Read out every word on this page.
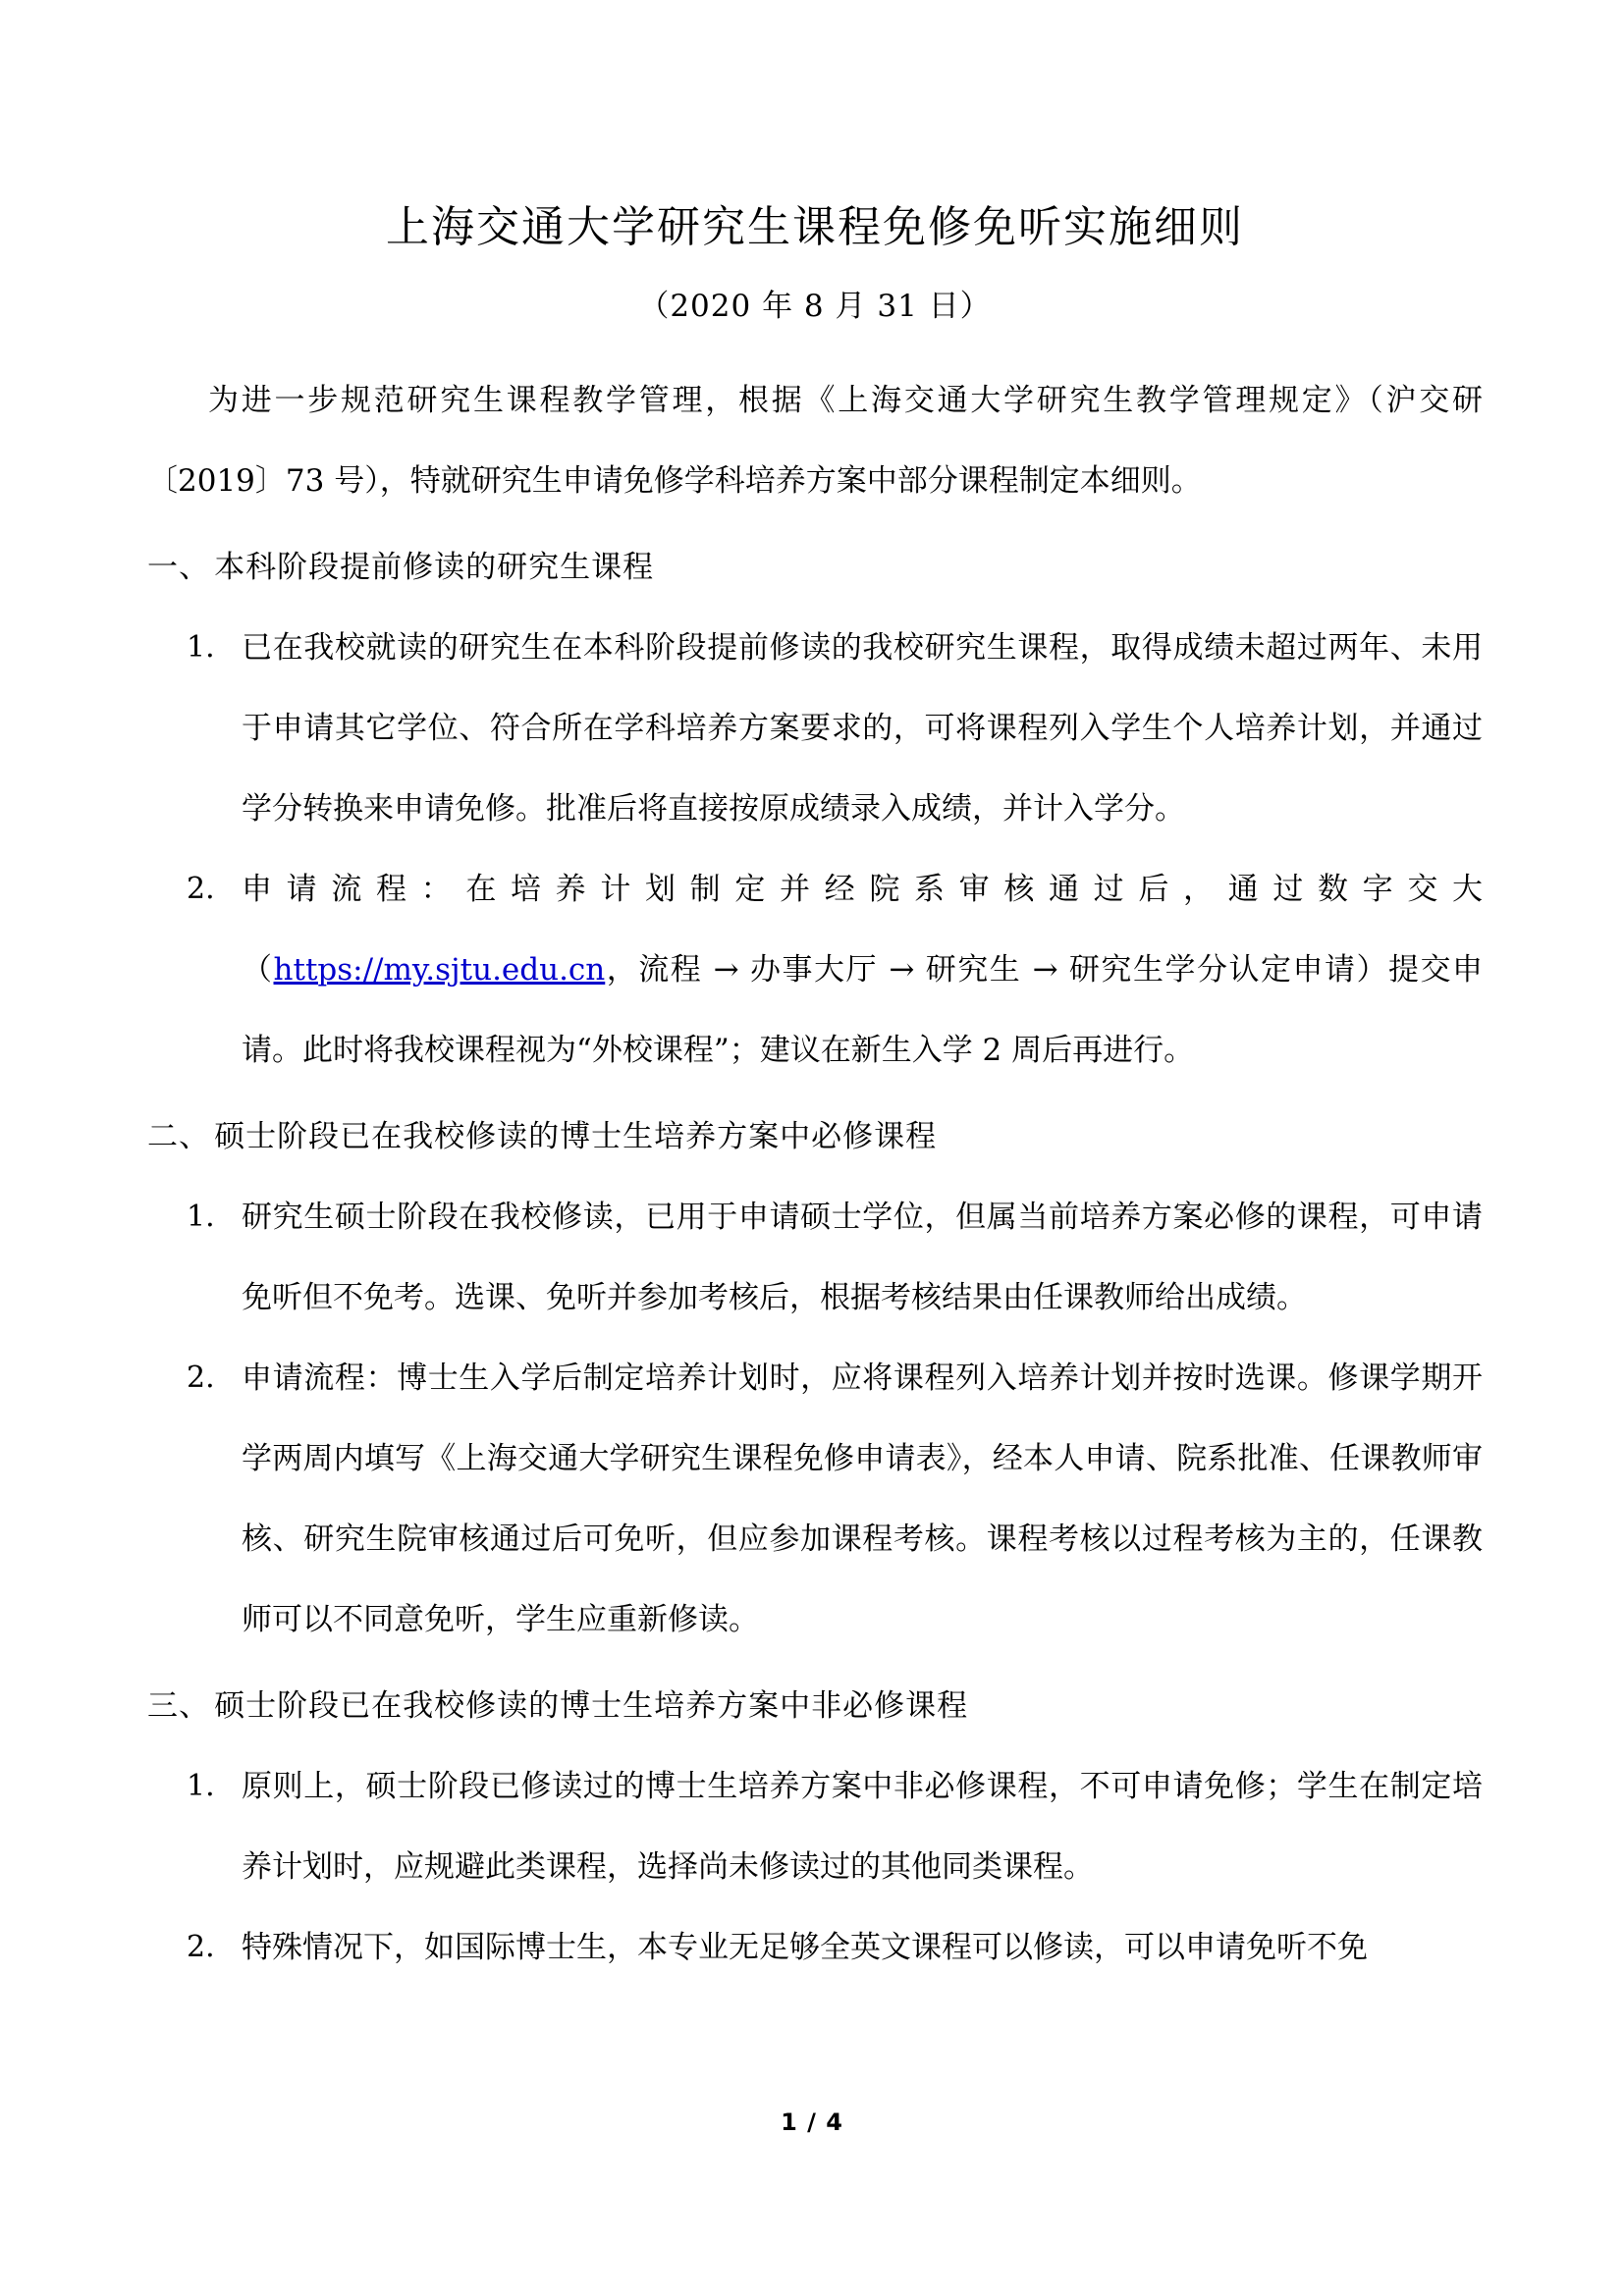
上海交通大学研究生课程免修免听实施细则

（2020 年 8 月 31 日）

为进一步规范研究生课程教学管理，根据《上海交通大学研究生教学管理规定》（沪交研〔2019〕73 号），特就研究生申请免修学科培养方案中部分课程制定本细则。

一、 本科阶段提前修读的研究生课程
1. 已在我校就读的研究生在本科阶段提前修读的我校研究生课程，取得成绩未超过两年、未用于申请其它学位、符合所在学科培养方案要求的，可将课程列入学生个人培养计划，并通过学分转换来申请免修。批准后将直接按原成绩录入成绩，并计入学分。
2. 申请流程：在培养计划制定并经院系审核通过后，通过数字交大（https://my.sjtu.edu.cn，流程 → 办事大厅 → 研究生 → 研究生学分认定申请）提交申请。此时将我校课程视为“外校课程”；建议在新生入学 2 周后再进行。
二、 硕士阶段已在我校修读的博士生培养方案中必修课程
1. 研究生硕士阶段在我校修读，已用于申请硕士学位，但属当前培养方案必修的课程，可申请免听但不免考。选课、免听并参加考核后，根据考核结果由任课教师给出成绩。
2. 申请流程：博士生入学后制定培养计划时，应将课程列入培养计划并按时选课。修课学期开学两周内填写《上海交通大学研究生课程免修申请表》，经本人申请、院系批准、任课教师审核、研究生院审核通过后可免听，但应参加课程考核。课程考核以过程考核为主的，任课教师可以不同意免听，学生应重新修读。
三、 硕士阶段已在我校修读的博士生培养方案中非必修课程
1. 原则上，硕士阶段已修读过的博士生培养方案中非必修课程，不可申请免修；学生在制定培养计划时，应规避此类课程，选择尚未修读过的其他同类课程。
2. 特殊情况下，如国际博士生，本专业无足够全英文课程可以修读，可以申请免听不免
1 / 4
